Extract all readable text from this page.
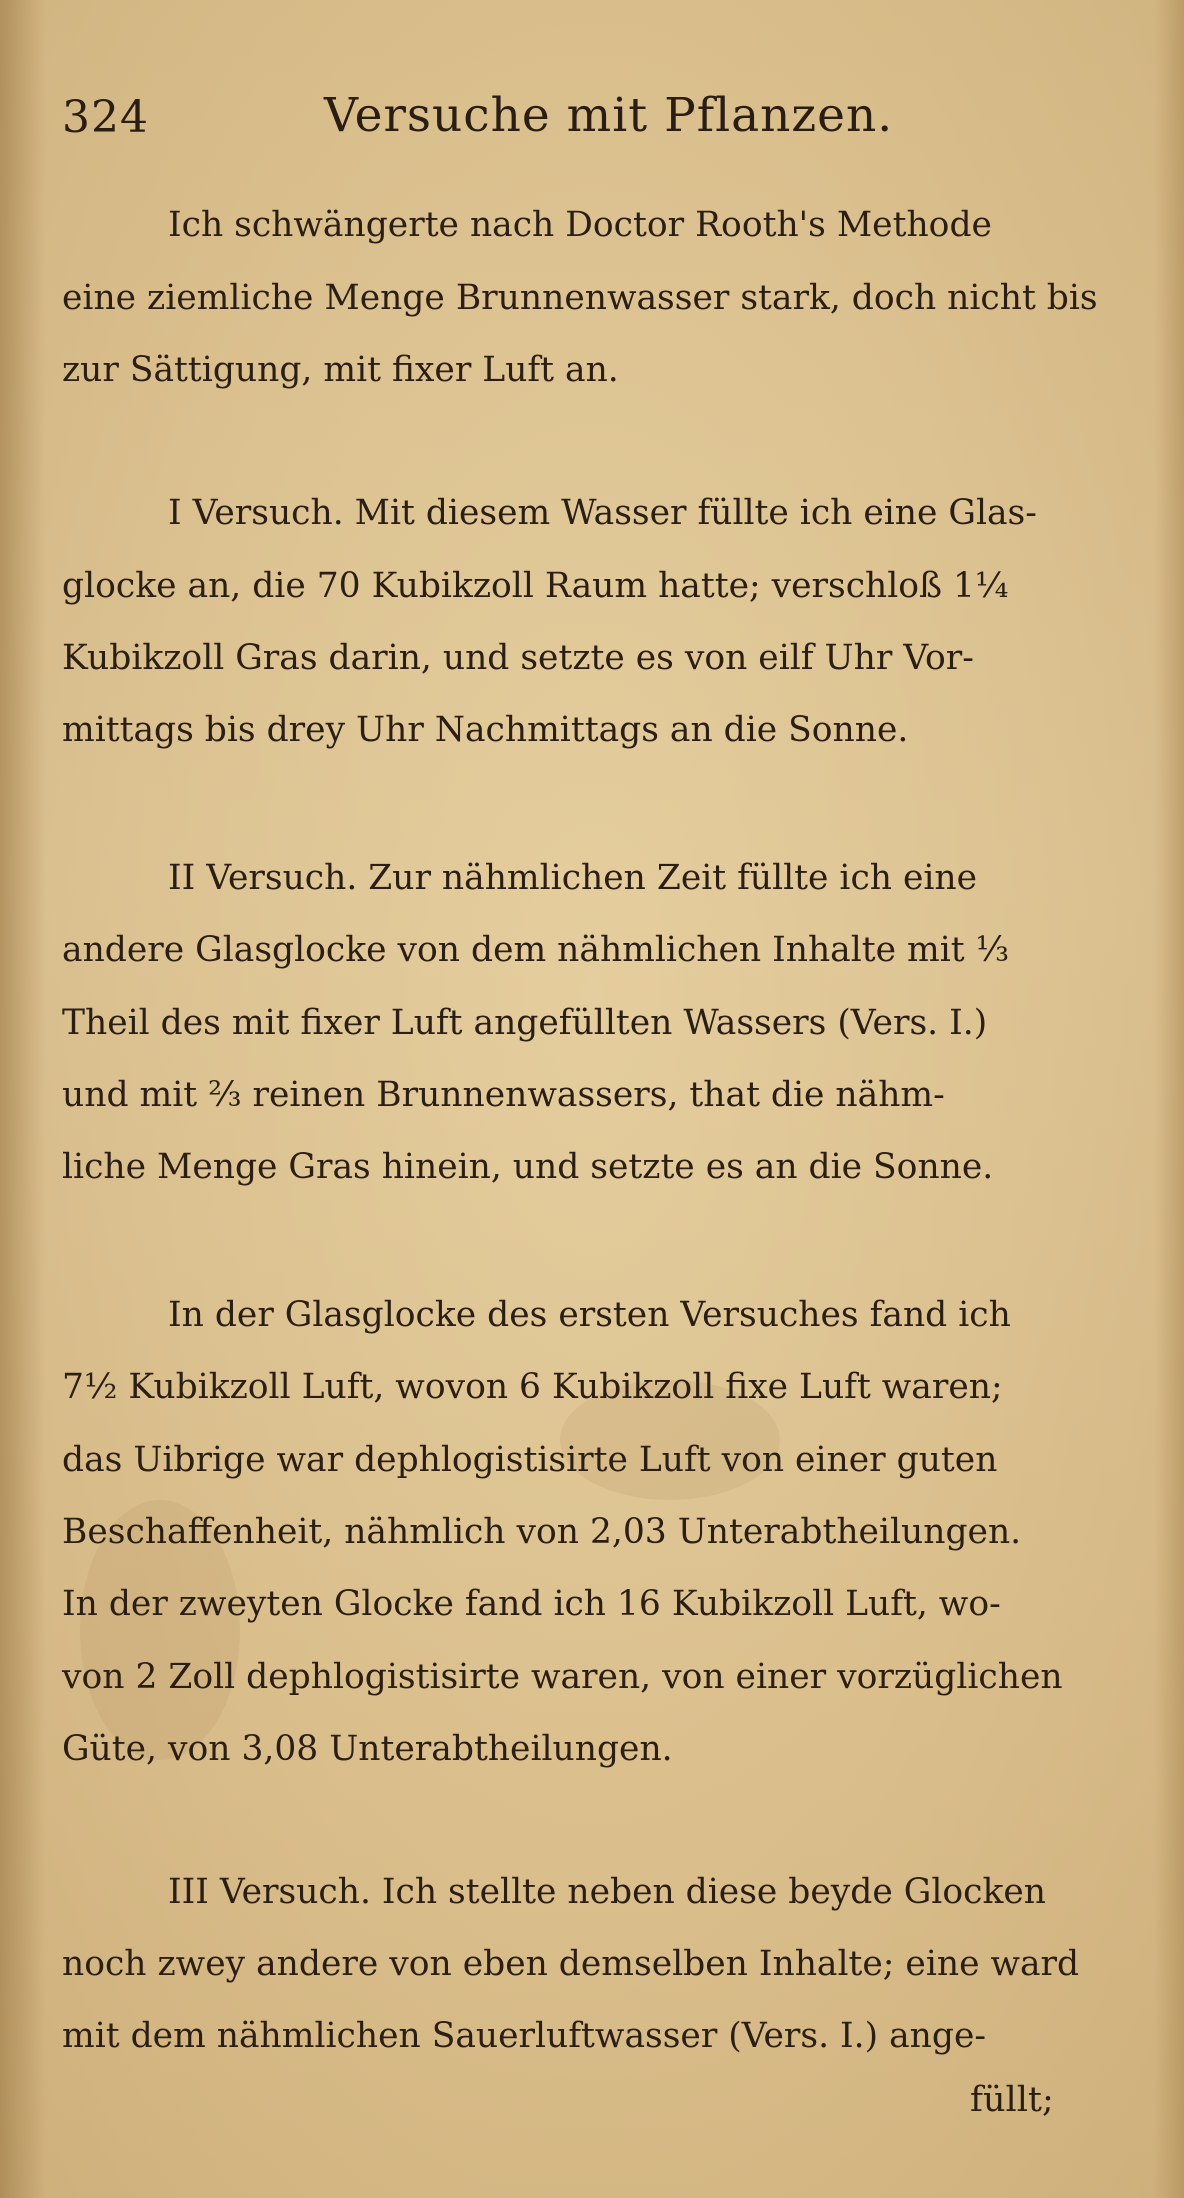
324	Versuche mit Pflanzen.
Ich schwängerte nach Doctor Rooth's Methode
eine ziemliche Menge Brunnenwasser stark, doch nicht bis
zur Sättigung, mit fixer Luft an.
I Versuch. Mit diesem Wasser füllte ich eine Glas-
glocke an, die 70 Kubikzoll Raum hatte; verschloß 1¼
Kubikzoll Gras darin, und setzte es von eilf Uhr Vor-
mittags bis drey Uhr Nachmittags an die Sonne.
II Versuch. Zur nähmlichen Zeit füllte ich eine
andere Glasglocke von dem nähmlichen Inhalte mit ⅓
Theil des mit fixer Luft angefüllten Wassers (Vers. I.)
und mit ⅔ reinen Brunnenwassers, that die nähm-
liche Menge Gras hinein, und setzte es an die Sonne.
In der Glasglocke des ersten Versuches fand ich
7½ Kubikzoll Luft, wovon 6 Kubikzoll fixe Luft waren;
das Uibrige war dephlogistisirte Luft von einer guten
Beschaffenheit, nähmlich von 2,03 Unterabtheilungen.
In der zweyten Glocke fand ich 16 Kubikzoll Luft, wo-
von 2 Zoll dephlogistisirte waren, von einer vorzüglichen
Güte, von 3,08 Unterabtheilungen.
III Versuch. Ich stellte neben diese beyde Glocken
noch zwey andere von eben demselben Inhalte; eine ward
mit dem nähmlichen Sauerluftwasser (Vers. I.) ange-
füllt;
